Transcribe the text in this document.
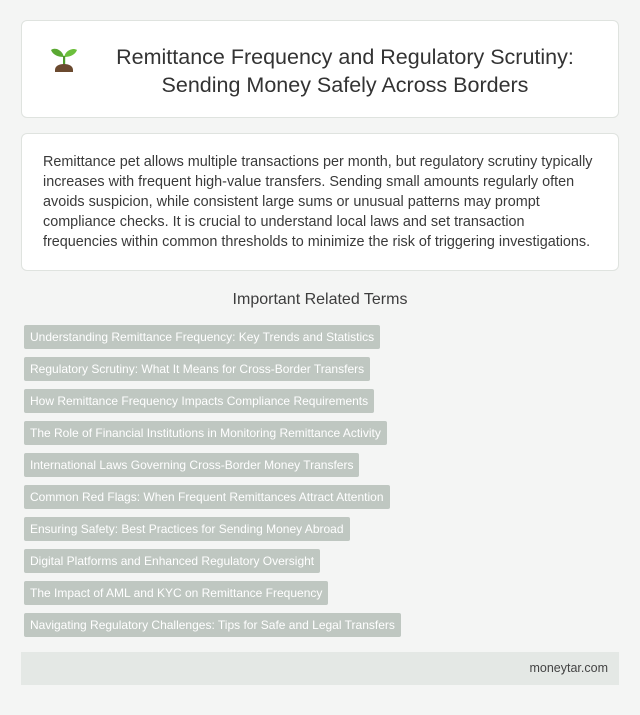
Remittance Frequency and Regulatory Scrutiny:
Sending Money Safely Across Borders

Remittance pet allows multiple transactions per month, but regulatory scrutiny typically increases with frequent high-value transfers. Sending small amounts regularly often avoids suspicion, while consistent large sums or unusual patterns may prompt compliance checks. It is crucial to understand local laws and set transaction frequencies within common thresholds to minimize the risk of triggering investigations.

Important Related Terms
Understanding Remittance Frequency: Key Trends and Statistics
Regulatory Scrutiny: What It Means for Cross-Border Transfers
How Remittance Frequency Impacts Compliance Requirements
The Role of Financial Institutions in Monitoring Remittance Activity
International Laws Governing Cross-Border Money Transfers
Common Red Flags: When Frequent Remittances Attract Attention
Ensuring Safety: Best Practices for Sending Money Abroad
Digital Platforms and Enhanced Regulatory Oversight
The Impact of AML and KYC on Remittance Frequency
Navigating Regulatory Challenges: Tips for Safe and Legal Transfers
moneytar.com
